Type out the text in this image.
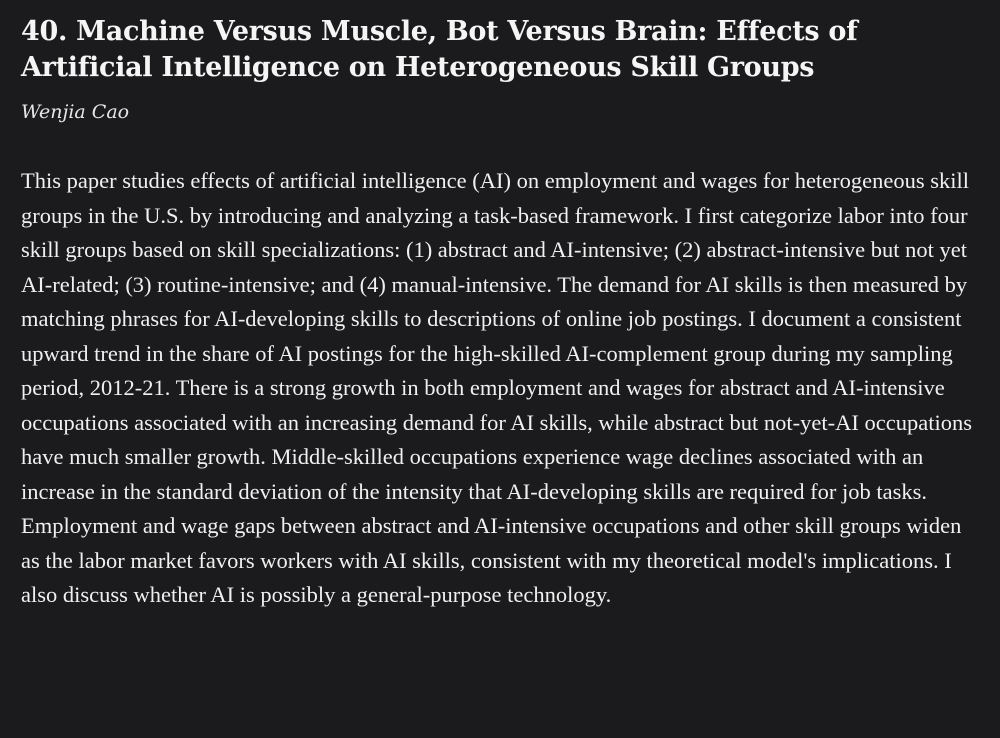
40. Machine Versus Muscle, Bot Versus Brain: Effects of Artificial Intelligence on Heterogeneous Skill Groups
Wenjia Cao

This paper studies effects of artificial intelligence (AI) on employment and wages for heterogeneous skill groups in the U.S. by introducing and analyzing a task-based framework. I first categorize labor into four skill groups based on skill specializations: (1) abstract and AI-intensive; (2) abstract-intensive but not yet AI-related; (3) routine-intensive; and (4) manual-intensive. The demand for AI skills is then measured by matching phrases for AI-developing skills to descriptions of online job postings. I document a consistent upward trend in the share of AI postings for the high-skilled AI-complement group during my sampling period, 2012-21. There is a strong growth in both employment and wages for abstract and AI-intensive occupations associated with an increasing demand for AI skills, while abstract but not-yet-AI occupations have much smaller growth. Middle-skilled occupations experience wage declines associated with an increase in the standard deviation of the intensity that AI-developing skills are required for job tasks. Employment and wage gaps between abstract and AI-intensive occupations and other skill groups widen as the labor market favors workers with AI skills, consistent with my theoretical model's implications. I also discuss whether AI is possibly a general-purpose technology.
